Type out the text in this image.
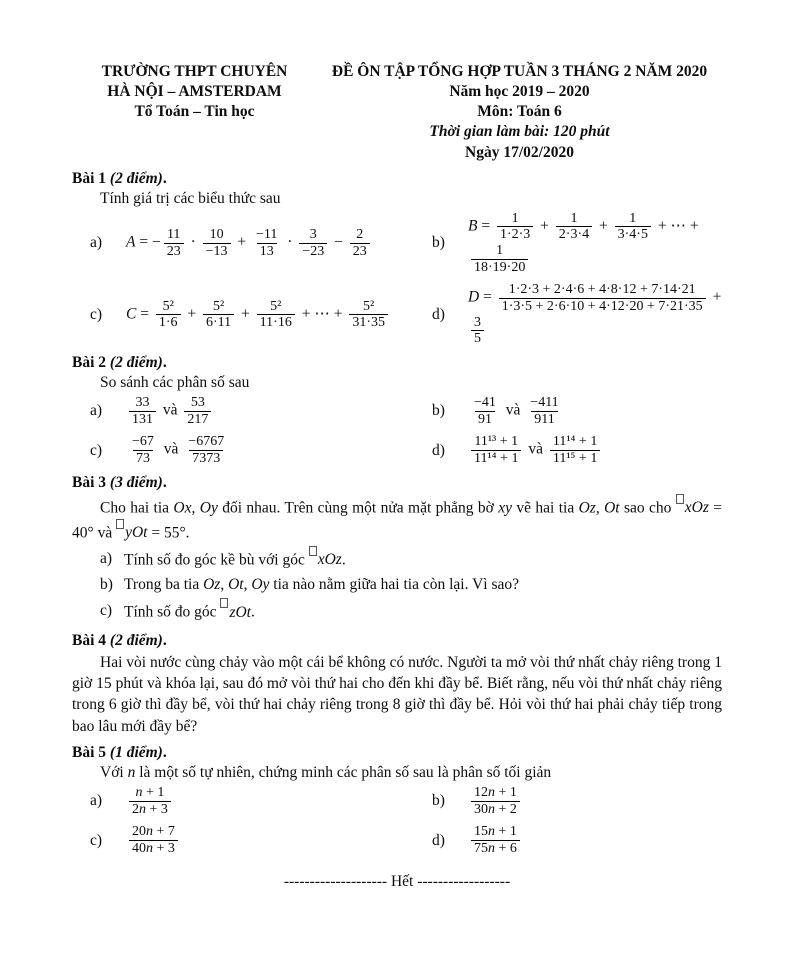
TRƯỜNG THPT CHUYÊN
HÀ NỘI – AMSTERDAM
Tổ Toán – Tin học
ĐỀ ÔN TẬP TỔNG HỢP TUẦN 3 THÁNG 2 NĂM 2020
Năm học 2019 – 2020
Môn: Toán 6
Thời gian làm bài: 120 phút
Ngày 17/02/2020
Bài 1 (2 điểm).
Tính giá trị các biểu thức sau
a)	A = − $\frac{11}{23} \cdot \frac{10}{-13} + \frac{-11}{13} \cdot \frac{3}{-23} - \frac{2}{23}$	b)
$B = \frac{1}{1\cdot 2\cdot 3} + \frac{1}{2\cdot 3\cdot 4} + \frac{1}{3\cdot 4\cdot 5}$ + ⋯ +
$\frac{1}{18\cdot 19\cdot 20}$
c)	$C = \frac{\text{5²}}{1\cdot 6} + \frac{\text{5²}}{6\cdot 11} + \frac{\text{5²}}{11\cdot 16}$ + ⋯ + $\frac{\text{5²}}{31\cdot 35}$	d)
$D = \frac{1\cdot 2\cdot 3 + 2\cdot 4\cdot 6 + 4\cdot 8\cdot 12 + 7\cdot 14\cdot 21}{1\cdot 3\cdot 5 + 2\cdot 6\cdot 10 + 4\cdot 12\cdot 20 + 7\cdot 21\cdot 35}$ +
$\frac{3}{5}$
Bài 2 (2 điểm).
So sánh các phân số sau
a)	$\frac{33}{131}$ và $\frac{53}{217}$	b)	$\frac{-41}{91}$ và $\frac{-411}{911}$
c)	$\frac{-67}{73}$ và $\frac{-6767}{7373}$	d)	$\frac{\text{11¹³ + 1}}{\text{11¹⁴ + 1}}$ và $\frac{\text{11¹⁴ + 1}}{\text{11¹⁵ + 1}}$
Bài 3 (3 điểm).
Cho hai tia Ox, Oy đối nhau. Trên cùng một nửa mặt phẳng bờ xy vẽ hai tia Oz, Ot sao cho xOz = 40° và yOt = 55°.
a) Tính số đo góc kề bù với góc xOz.
b) Trong ba tia Oz, Ot, Oy tia nào nằm giữa hai tia còn lại. Vì sao?
c) Tính số đo góc zOt.
Bài 4 (2 điểm).
Hai vòi nước cùng chảy vào một cái bể không có nước. Người ta mở vòi thứ nhất chảy riêng trong 1 giờ 15 phút và khóa lại, sau đó mở vòi thứ hai cho đến khi đầy bể. Biết rằng, nếu vòi thứ nhất chảy riêng trong 6 giờ thì đầy bể, vòi thứ hai chảy riêng trong 8 giờ thì đầy bể. Hỏi vòi thứ hai phải chảy tiếp trong bao lâu mới đầy bể?
Bài 5 (1 điểm).
Với n là một số tự nhiên, chứng minh các phân số sau là phân số tối giản
a)	$\frac{n + 1}{2n + 3}$	b)	$\frac{12n + 1}{30n + 2}$
c)	$\frac{20n + 7}{40n + 3}$	d)	$\frac{15n + 1}{75n + 6}$
-------------------- Hết ------------------
